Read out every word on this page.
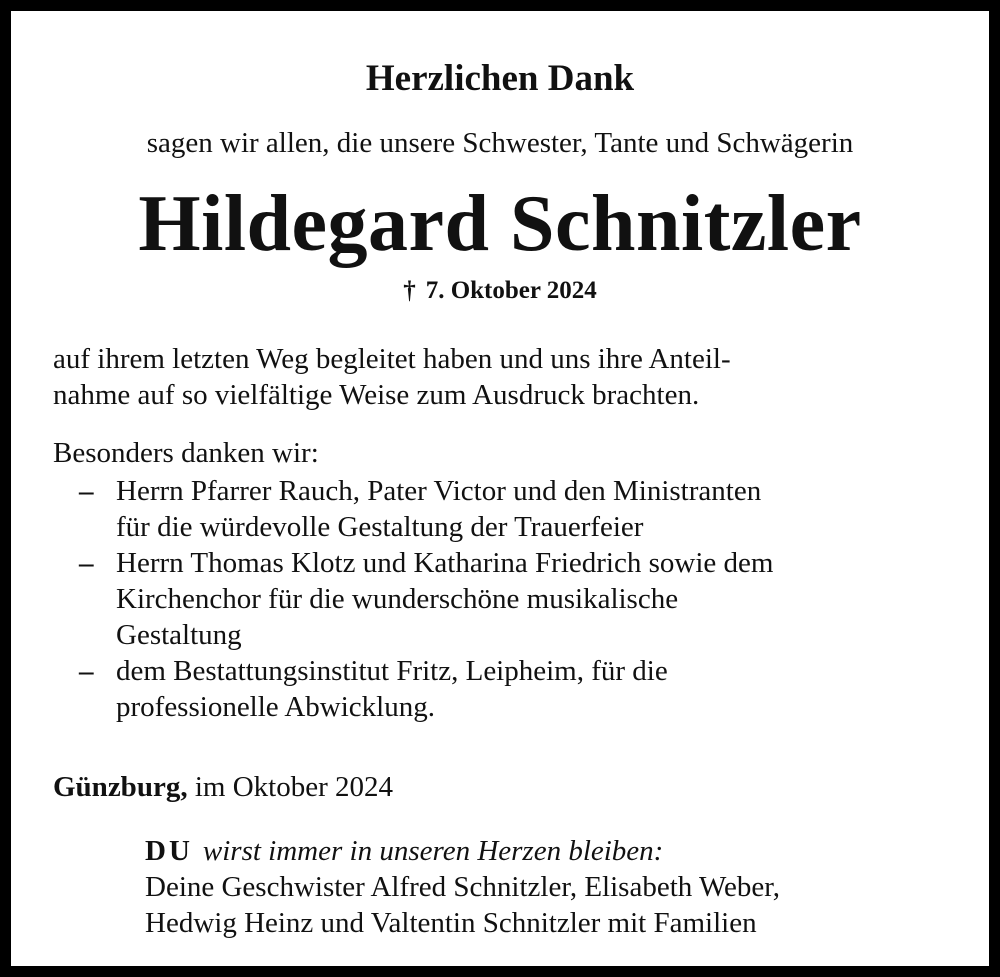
Herzlichen Dank
sagen wir allen, die unsere Schwester, Tante und Schwägerin
Hildegard Schnitzler
† 7. Oktober 2024
auf ihrem letzten Weg begleitet haben und uns ihre Anteil-
nahme auf so vielfältige Weise zum Ausdruck brachten.
Besonders danken wir:
– Herrn Pfarrer Rauch, Pater Victor und den Ministranten
für die würdevolle Gestaltung der Trauerfeier
– Herrn Thomas Klotz und Katharina Friedrich sowie dem
Kirchenchor für die wunderschöne musikalische
Gestaltung
– dem Bestattungsinstitut Fritz, Leipheim, für die
professionelle Abwicklung.
Günzburg, im Oktober 2024
DU wirst immer in unseren Herzen bleiben:
Deine Geschwister Alfred Schnitzler, Elisabeth Weber,
Hedwig Heinz und Valtentin Schnitzler mit Familien
